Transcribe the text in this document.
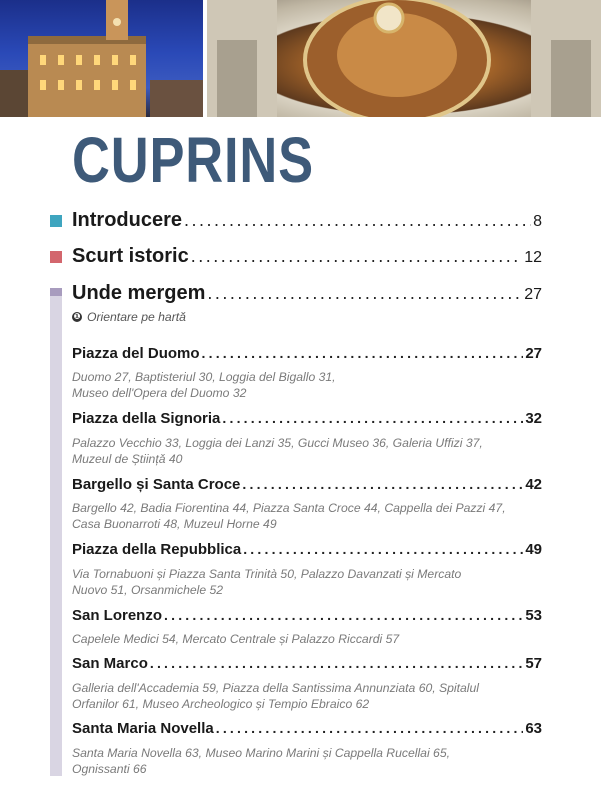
CUPRINS
Introducere .....	8
Scurt istoric .....	12
Unde mergem .....	27
❶ Orientare pe hartă
Piazza del Duomo .....	27
Duomo 27, Baptisteriul 30, Loggia del Bigallo 31,
Museo dell'Opera del Duomo 32
Piazza della Signoria .....	32
Palazzo Vecchio 33, Loggia dei Lanzi 35, Gucci Museo 36, Galeria Uffizi 37,
Muzeul de Științǎ 40
Bargello și Santa Croce .....	42
Bargello 42, Badia Fiorentina 44, Piazza Santa Croce 44, Cappella dei Pazzi 47,
Casa Buonarroti 48, Muzeul Horne 49
Piazza della Repubblica .....	49
Via Tornabuoni și Piazza Santa Trinità 50, Palazzo Davanzati și Mercato
Nuovo 51, Orsanmichele 52
San Lorenzo .....	53
Capelele Medici 54, Mercato Centrale și Palazzo Riccardi 57
San Marco .....	57
Galleria dell'Accademia 59, Piazza della Santissima Annunziata 60, Spitalul
Orfanilor 61, Museo Archeologico și Tempio Ebraico 62
Santa Maria Novella .....	63
Santa Maria Novella 63, Museo Marino Marini și Cappella Rucellai 65,
Ognissanti 66
